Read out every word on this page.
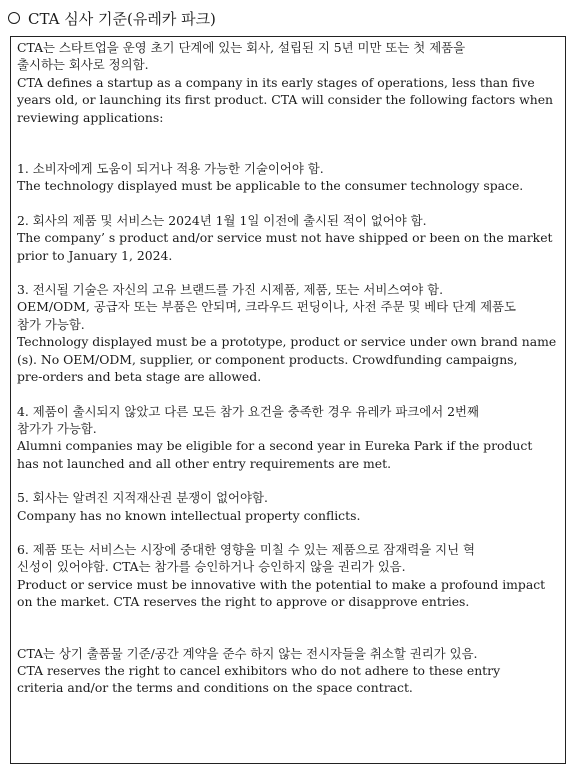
CTA 심사 기준(유레카 파크)
CTA는 스타트업을 운영 초기 단계에 있는 회사, 설립된 지 5년 미만 또는 첫 제품을
출시하는 회사로 정의함.
CTA defines a startup as a company in its early stages of operations, less than five
years old, or launching its first product. CTA will consider the following factors when
reviewing applications:
1. 소비자에게 도움이 되거나 적용 가능한 기술이어야 함.
The technology displayed must be applicable to the consumer technology space.
2. 회사의 제품 및 서비스는 2024년 1월 1일 이전에 출시된 적이 없어야 함.
The company’ s product and/or service must not have shipped or been on the market
prior to January 1, 2024.
3. 전시될 기술은 자신의 고유 브랜드를 가진 시제품, 제품, 또는 서비스여야 함.
OEM/ODM, 공급자 또는 부품은 안되며, 크라우드 펀딩이나, 사전 주문 및 베타 단계 제품도
참가 가능함.
Technology displayed must be a prototype, product or service under own brand name
(s). No OEM/ODM, supplier, or component products. Crowdfunding campaigns,
pre-orders and beta stage are allowed.
4. 제품이 출시되지 않았고 다른 모든 참가 요건을 충족한 경우 유레카 파크에서 2번째
참가가 가능함.
Alumni companies may be eligible for a second year in Eureka Park if the product
has not launched and all other entry requirements are met.
5. 회사는 알려진 지적재산권 분쟁이 없어야함.
Company has no known intellectual property conflicts.
6. 제품 또는 서비스는 시장에 중대한 영향을 미칠 수 있는 제품으로 잠재력을 지닌 혁
신성이 있어야함. CTA는 참가를 승인하거나 승인하지 않을 권리가 있음.
Product or service must be innovative with the potential to make a profound impact
on the market. CTA reserves the right to approve or disapprove entries.
CTA는 상기 출품물 기준/공간 계약을 준수 하지 않는 전시자들을 취소할 권리가 있음.
CTA reserves the right to cancel exhibitors who do not adhere to these entry
criteria and/or the terms and conditions on the space contract.
